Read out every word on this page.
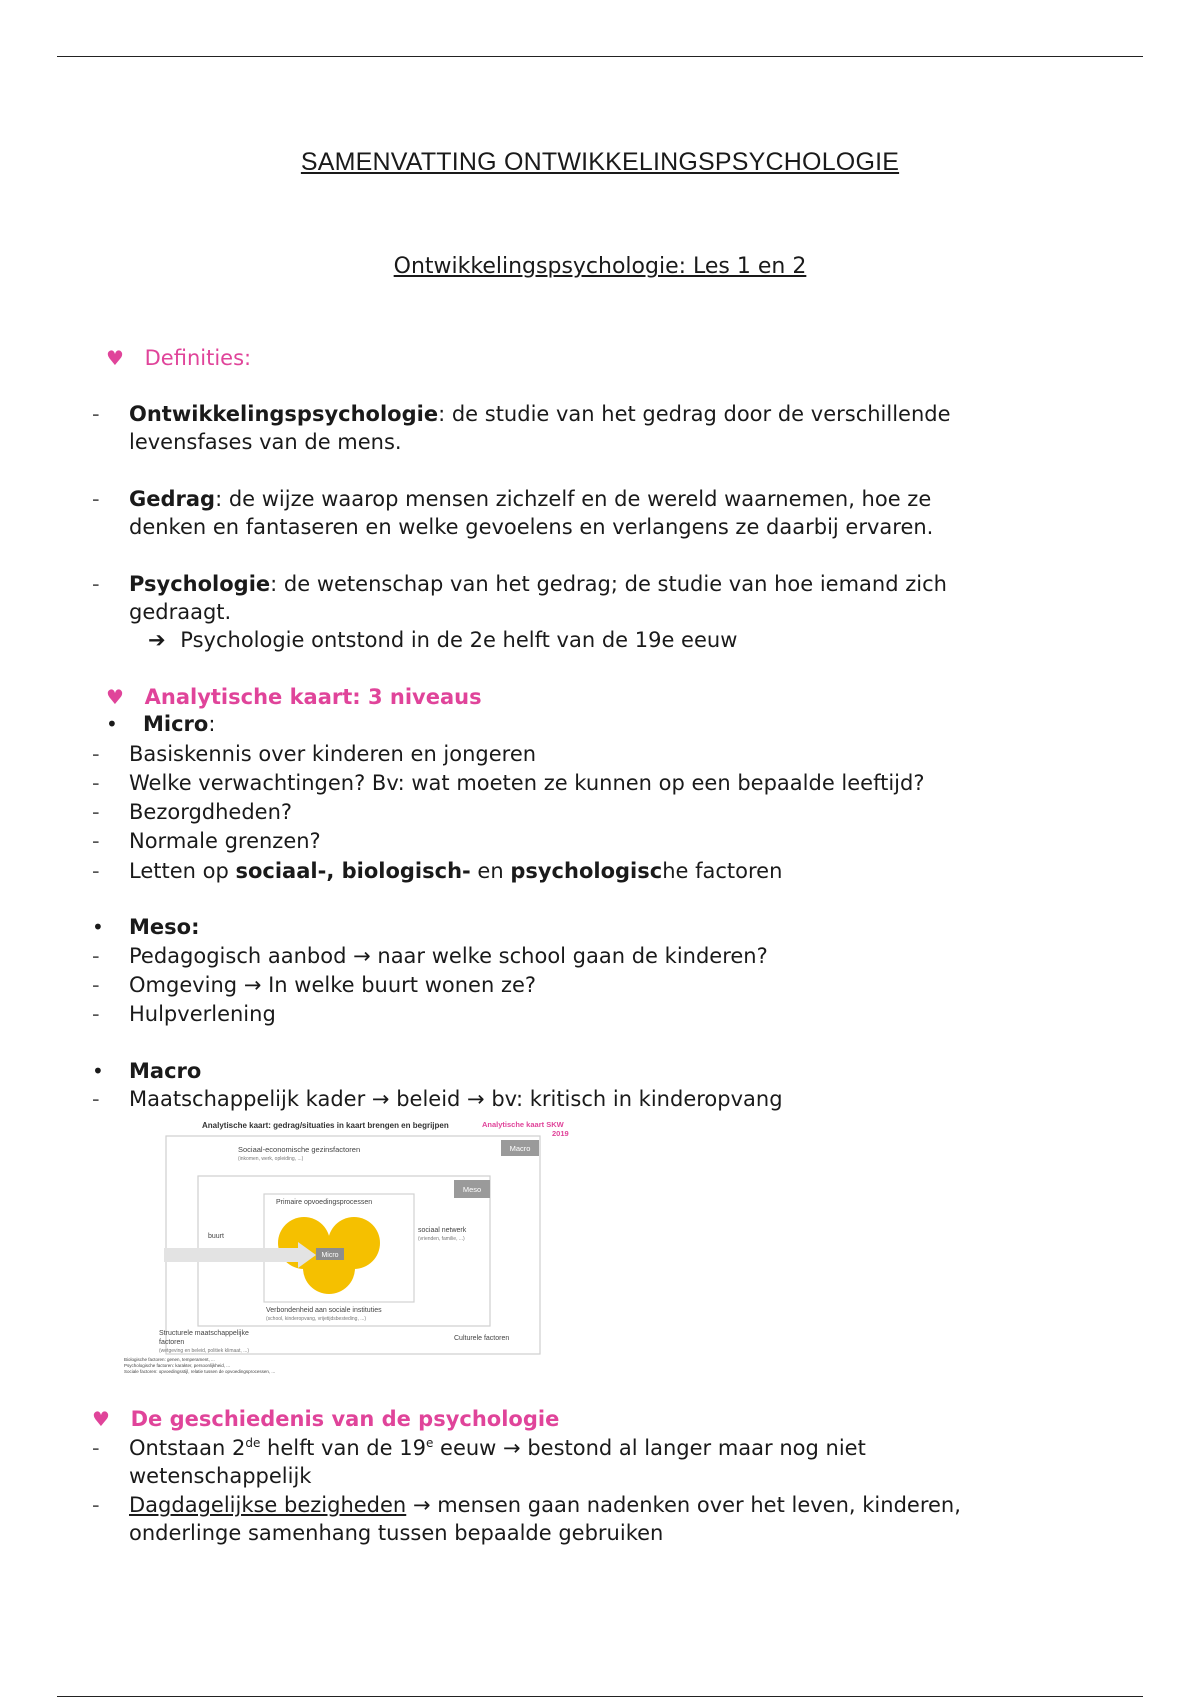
SAMENVATTING ONTWIKKELINGSPSYCHOLOGIE
Ontwikkelingspsychologie: Les 1 en 2
♥ Definities:
- Ontwikkelingspsychologie: de studie van het gedrag door de verschillende
levensfases van de mens.
- Gedrag: de wijze waarop mensen zichzelf en de wereld waarnemen, hoe ze
denken en fantaseren en welke gevoelens en verlangens ze daarbij ervaren.
- Psychologie: de wetenschap van het gedrag; de studie van hoe iemand zich
gedraagt.
➔ Psychologie ontstond in de 2e helft van de 19e eeuw
♥ Analytische kaart: 3 niveaus
• Micro:
- Basiskennis over kinderen en jongeren
- Welke verwachtingen? Bv: wat moeten ze kunnen op een bepaalde leeftijd?
- Bezorgdheden?
- Normale grenzen?
- Letten op sociaal-, biologisch- en psychologische factoren
• Meso:
- Pedagogisch aanbod → naar welke school gaan de kinderen?
- Omgeving → In welke buurt wonen ze?
- Hulpverlening
• Macro
- Maatschappelijk kader → beleid → bv: kritisch in kinderopvang
Analytische kaart: gedrag/situaties in kaart brengen en begrijpen	Analytische kaart SKW
2019
Macro
Sociaal-economische gezinsfactoren
(inkomen, werk, opleiding, ...)
Meso
Primaire opvoedingsprocessen
Micro
buurt
sociaal netwerk
(vrienden, familie, ...)
Verbondenheid aan sociale instituties
(school, kinderopvang, vrijetijdsbesteding, ...)
Structurele maatschappelijke
factoren
(wetgeving en beleid, politiek klimaat, ...)
Culturele factoren
Biologische factoren: genen, temperament, ...
Psychologische factoren: karakter, persoonlijkheid, ...
Sociale factoren: opvoedingsstijl, relatie tussen de opvoedingsprocessen, ...
♥ De geschiedenis van de psychologie
- Ontstaan 2de helft van de 19e eeuw → bestond al langer maar nog niet
wetenschappelijk
- Dagdagelijkse bezigheden → mensen gaan nadenken over het leven, kinderen,
onderlinge samenhang tussen bepaalde gebruiken
